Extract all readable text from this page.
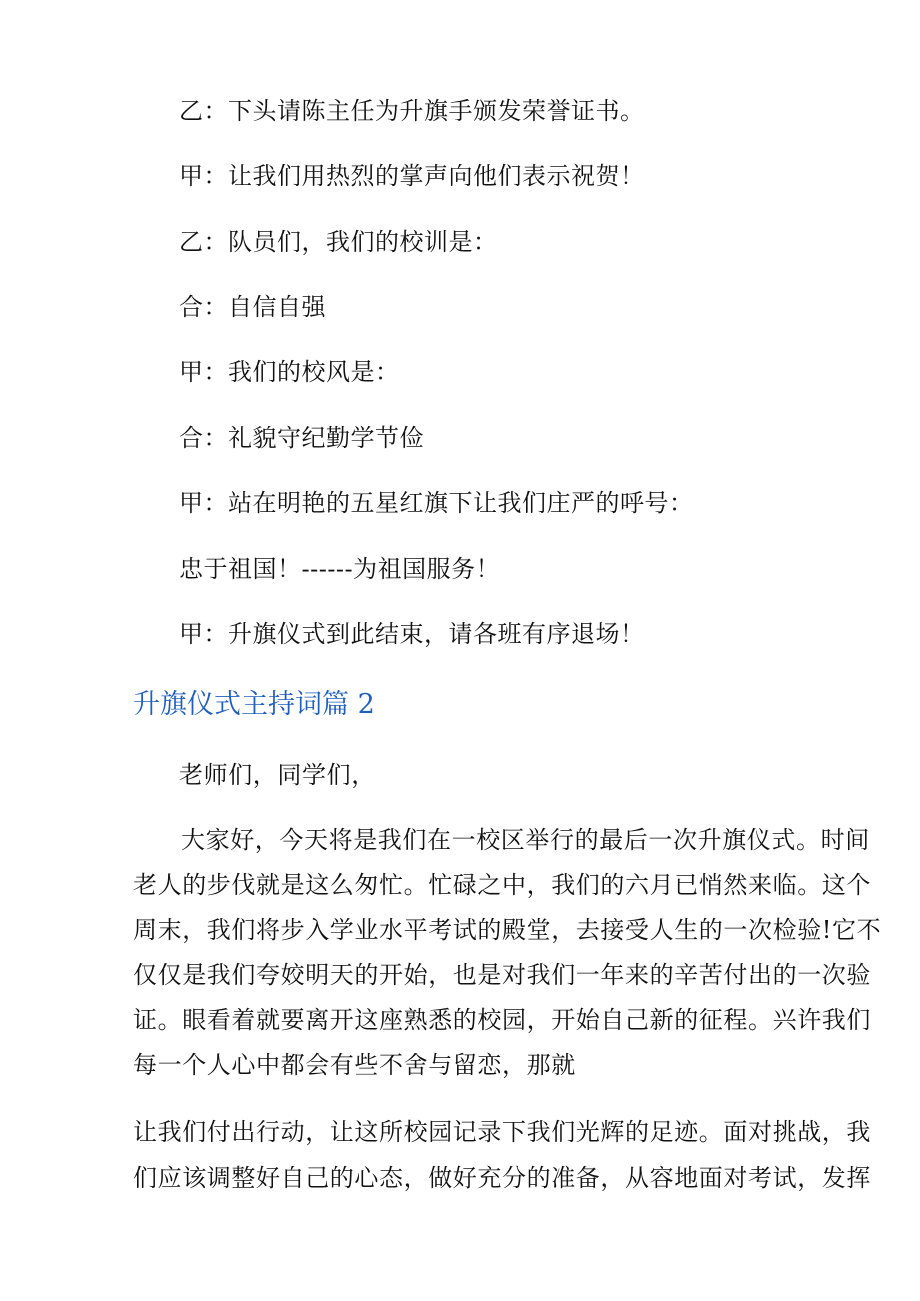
乙：下头请陈主任为升旗手颁发荣誉证书。
甲：让我们用热烈的掌声向他们表示祝贺！
乙：队员们，我们的校训是：
合：自信自强
甲：我们的校风是：
合：礼貌守纪勤学节俭
甲：站在明艳的五星红旗下让我们庄严的呼号：
忠于祖国！------为祖国服务！
甲：升旗仪式到此结束，请各班有序退场！
升旗仪式主持词篇 2
老师们，同学们，
大家好，今天将是我们在一校区举行的最后一次升旗仪式。时间
老人的步伐就是这么匆忙。忙碌之中，我们的六月已悄然来临。这个
周末，我们将步入学业水平考试的殿堂，去接受人生的一次检验!它不
仅仅是我们夸姣明天的开始，也是对我们一年来的辛苦付出的一次验
证。眼看着就要离开这座熟悉的校园，开始自己新的征程。兴许我们
每一个人心中都会有些不舍与留恋，那就
让我们付出行动，让这所校园记录下我们光辉的足迹。面对挑战，我
们应该调整好自己的心态，做好充分的准备，从容地面对考试，发挥
